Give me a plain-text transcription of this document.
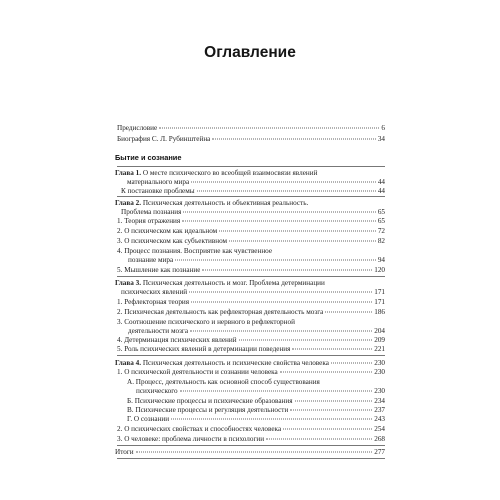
Оглавление
Предисловие	6
Биография С. Л. Рубинштейна	34
Бытие и сознание
Глава 1. О месте психического во всеобщей взаимосвязи явлений
материального мира	44
К постановке проблемы	44
Глава 2. Психическая деятельность и объективная реальность.
Проблема познания	65
1. Теория отражения	65
2. О психическом как идеальном	72
3. О психическом как субъективном	82
4. Процесс познания. Восприятие как чувственное
познание мира	94
5. Мышление как познание	120
Глава 3. Психическая деятельность и мозг. Проблема детерминации
психических явлений	171
1. Рефлекторная теория	171
2. Психическая деятельность как рефлекторная деятельность мозга	186
3. Соотношение психического и нервного в рефлекторной
деятельности мозга	204
4. Детерминация психических явлений	209
5. Роль психических явлений в детерминации поведения	221
Глава 4. Психическая деятельность и психические свойства человека	230
1. О психической деятельности и сознании человека	230
А. Процесс, деятельность как основной способ существования
психического	230
Б. Психические процессы и психические образования	234
В. Психические процессы и регуляция деятельности	237
Г. О сознании	243
2. О психических свойствах и способностях человека	254
3. О человеке: проблема личности в психологии	268
Итоги	277
